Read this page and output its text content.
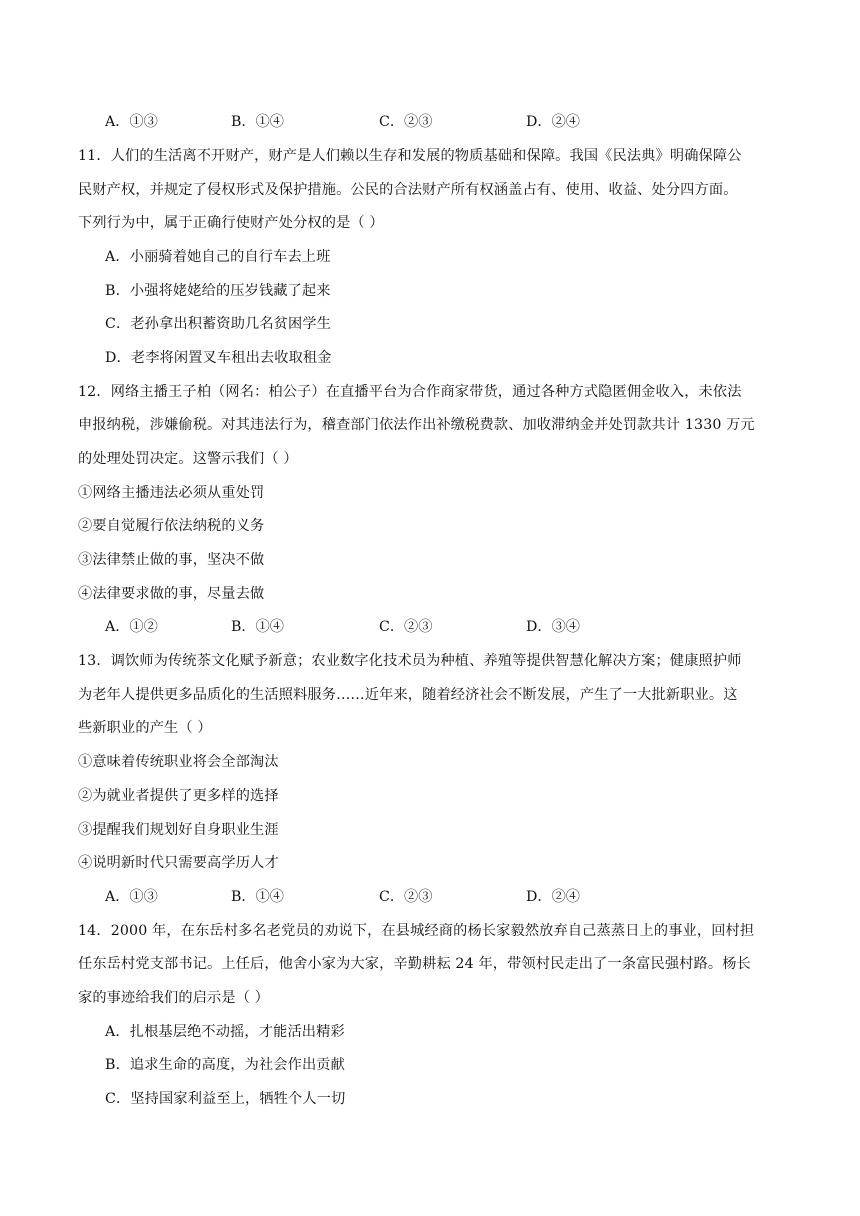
A．①③	B．①④	C．②③	D．②④
11．人们的生活离不开财产，财产是人们赖以生存和发展的物质基础和保障。我国《民法典》明确保障公
民财产权，并规定了侵权形式及保护措施。公民的合法财产所有权涵盖占有、使用、收益、处分四方面。
下列行为中，属于正确行使财产处分权的是（ ）
A．小丽骑着她自己的自行车去上班
B．小强将姥姥给的压岁钱藏了起来
C．老孙拿出积蓄资助几名贫困学生
D．老李将闲置叉车租出去收取租金
12．网络主播王子柏（网名：柏公子）在直播平台为合作商家带货，通过各种方式隐匿佣金收入，未依法
申报纳税，涉嫌偷税。对其违法行为，稽查部门依法作出补缴税费款、加收滞纳金并处罚款共计 1330 万元
的处理处罚决定。这警示我们（ ）
①网络主播违法必须从重处罚
②要自觉履行依法纳税的义务
③法律禁止做的事，坚决不做
④法律要求做的事，尽量去做
A．①②	B．①④	C．②③	D．③④
13．调饮师为传统茶文化赋予新意；农业数字化技术员为种植、养殖等提供智慧化解决方案；健康照护师
为老年人提供更多品质化的生活照料服务……近年来，随着经济社会不断发展，产生了一大批新职业。这
些新职业的产生（ ）
①意味着传统职业将会全部淘汰
②为就业者提供了更多样的选择
③提醒我们规划好自身职业生涯
④说明新时代只需要高学历人才
A．①③	B．①④	C．②③	D．②④
14．2000 年，在东岳村多名老党员的劝说下，在县城经商的杨长家毅然放弃自己蒸蒸日上的事业，回村担
任东岳村党支部书记。上任后，他舍小家为大家，辛勤耕耘 24 年，带领村民走出了一条富民强村路。杨长
家的事迹给我们的启示是（ ）
A．扎根基层绝不动摇，才能活出精彩
B．追求生命的高度，为社会作出贡献
C．坚持国家利益至上，牺牲个人一切
